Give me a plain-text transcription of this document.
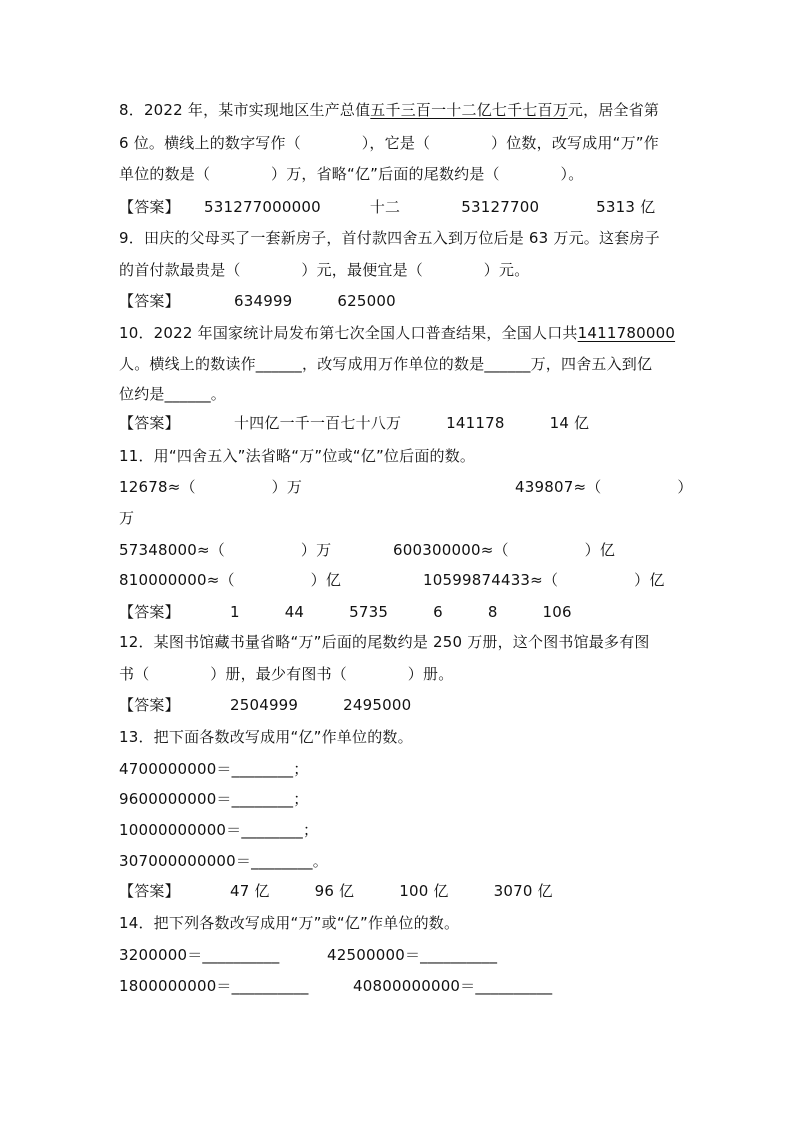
8．2022 年，某市实现地区生产总值五千三百一十二亿七千七百万元，居全省第
6 位。横线上的数字写作（　　　　），它是（　　　　）位数，改写成用“万”作
单位的数是（　　　　）万，省略“亿”后面的尾数约是（　　　　）。
【答案】 531277000000	十二	53127700	5313 亿
9．田庆的父母买了一套新房子，首付款四舍五入到万位后是 63 万元。这套房子
的首付款最贵是（　　　　）元，最便宜是（　　　　）元。
【答案】	634999	625000
10．2022 年国家统计局发布第七次全国人口普查结果，全国人口共1411780000
人。横线上的数读作______，改写成用万作单位的数是______万，四舍五入到亿
位约是______。
【答案】	十四亿一千一百七十八万	141178	14 亿
11．用“四舍五入”法省略“万”位或“亿”位后面的数。
12678≈（　　　　　）万	439807≈（　　　　　）
万
57348000≈（　　　　　）万	600300000≈（　　　　　）亿
810000000≈（　　　　　）亿	10599874433≈（　　　　　）亿
【答案】	1	44	5735	6	8	106
12．某图书馆藏书量省略“万”后面的尾数约是 250 万册，这个图书馆最多有图
书（　　　　）册，最少有图书（　　　　）册。
【答案】	2504999	2495000
13．把下面各数改写成用“亿”作单位的数。
4700000000＝________；
9600000000＝________；
10000000000＝________；
307000000000＝________。
【答案】	47 亿	96 亿	100 亿	3070 亿
14．把下列各数改写成用“万”或“亿”作单位的数。
3200000＝__________	42500000＝__________
1800000000＝__________	40800000000＝__________
